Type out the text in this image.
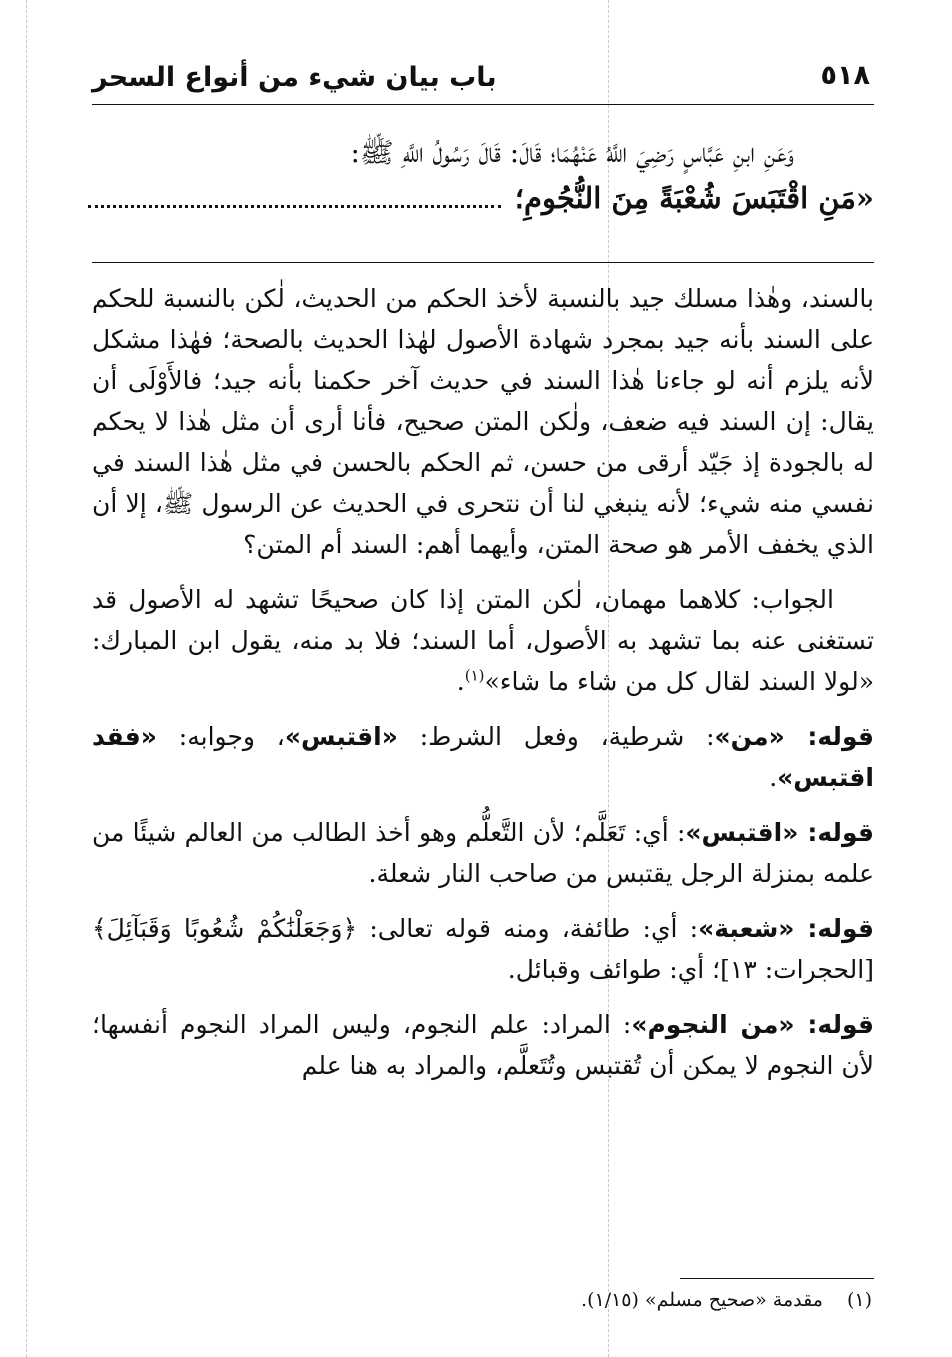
٥١٨
باب بيان شيء من أنواع السحر
وَعَنِ ابنِ عَبَّاسٍ رَضِيَ اللَّهُ عَنْهُمَا؛ قَالَ: قَالَ رَسُولُ اللَّهِ ﷺ:
«مَنِ اقْتَبَسَ شُعْبَةً مِنَ النُّجُومِ؛

بالسند، وهٰذا مسلك جيد بالنسبة لأخذ الحكم من الحديث، لٰكن بالنسبة للحكم على السند بأنه جيد بمجرد شهادة الأصول لهٰذا الحديث بالصحة؛ فهٰذا مشكل لأنه يلزم أنه لو جاءنا هٰذا السند في حديث آخر حكمنا بأنه جيد؛ فالأَوْلَى أن يقال: إن السند فيه ضعف، ولٰكن المتن صحيح، فأنا أرى أن مثل هٰذا لا يحكم له بالجودة إذ جَيّد أرقى من حسن، ثم الحكم بالحسن في مثل هٰذا السند في نفسي منه شيء؛ لأنه ينبغي لنا أن نتحرى في الحديث عن الرسول ﷺ، إلا أن الذي يخفف الأمر هو صحة المتن، وأيهما أهم: السند أم المتن؟

الجواب: كلاهما مهمان، لٰكن المتن إذا كان صحيحًا تشهد له الأصول قد تستغنى عنه بما تشهد به الأصول، أما السند؛ فلا بد منه، يقول ابن المبارك: «لولا السند لقال كل من شاء ما شاء»$^{(١)}$.

قوله: «من»: شرطية، وفعل الشرط: «اقتبس»، وجوابه: «فقد اقتبس».

قوله: «اقتبس»: أي: تَعَلَّم؛ لأن التَّعلُّم وهو أخذ الطالب من العالم شيئًا من علمه بمنزلة الرجل يقتبس من صاحب النار شعلة.

قوله: «شعبة»: أي: طائفة، ومنه قوله تعالى: ﴿وَجَعَلْنَٰكُمْ شُعُوبًا وَقَبَآئِلَ﴾ [الحجرات: ١٣]؛ أي: طوائف وقبائل.

قوله: «من النجوم»: المراد: علم النجوم، وليس المراد النجوم أنفسها؛ لأن النجوم لا يمكن أن تُقتبس وتُتَعلَّم، والمراد به هنا علم

(١) مقدمة «صحيح مسلم» (١/١٥).
